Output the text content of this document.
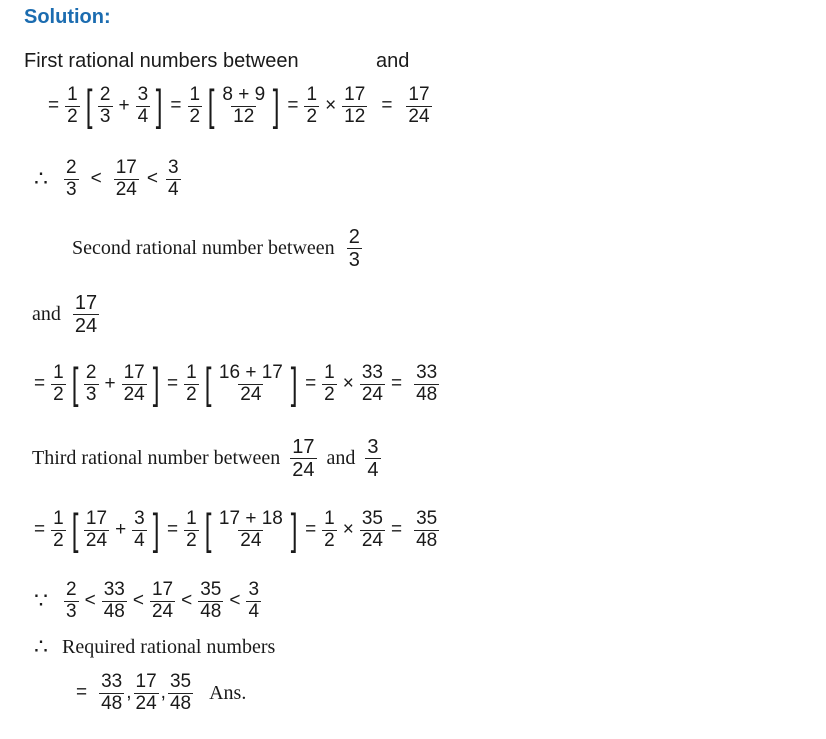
Solution:
First rational numbers between	and
= $\frac{1}{2}$ [ $\frac{2}{3} + \frac{3}{4}$ ] = $\frac{1}{2}$ [ $\frac{8 + 9}{12}$ ] = $\frac{1}{2} \times \frac{17}{12} = \frac{17}{24}$
∴ $\frac{2}{3} < \frac{17}{24} < \frac{3}{4}$
Second rational number between $\frac{2}{3}$
and $\frac{17}{24}$
= $\frac{1}{2}$ [ $\frac{2}{3} + \frac{17}{24}$ ] = $\frac{1}{2}$ [ $\frac{16 + 17}{24}$ ] = $\frac{1}{2} \times \frac{33}{24} = \frac{33}{48}$
Third rational number between $\frac{17}{24}$ and $\frac{3}{4}$
= $\frac{1}{2}$ [ $\frac{17}{24} + \frac{3}{4}$ ] = $\frac{1}{2}$ [ $\frac{17 + 18}{24}$ ] = $\frac{1}{2} \times \frac{35}{24} = \frac{35}{48}$
∵ $\frac{2}{3} < \frac{33}{48} < \frac{17}{24} < \frac{35}{48} < \frac{3}{4}$
∴ Required rational numbers
= $\frac{33}{48}$ , $\frac{17}{24}$ , $\frac{35}{48}$ Ans.
